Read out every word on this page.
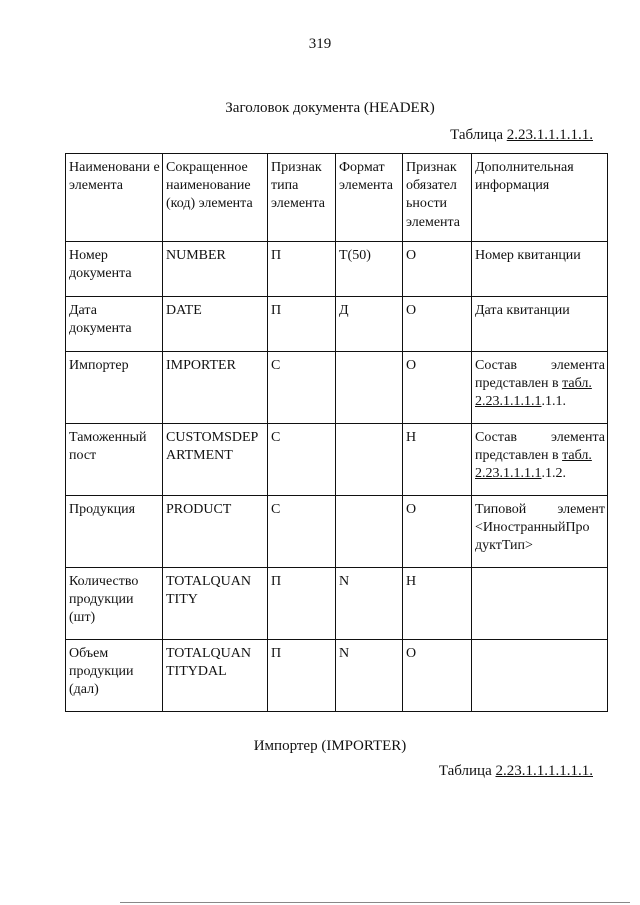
319
Заголовок документа (HEADER)
Таблица 2.23.1.1.1.1.1.
Наименовани е элемента	Сокращенное наименование (код) элемента	Признак типа элемента	Формат элемента	Признак обязател ьности элемента	Дополнительная информация
Номер документа	NUMBER	П	Т(50)	О	Номер квитанции
Дата документа	DATE	П	Д	О	Дата квитанции
Импортер	IMPORTER	С		О	Состав элемента
представлен в табл.
2.23.1.1.1.1.1.1.

Таможенный пост	CUSTOMSDEP ARTMENT	С		Н	Состав элемента
представлен в табл.
2.23.1.1.1.1.1.2.

Продукция	PRODUCT	С		О	Типовой элемент
<ИностранныйПро
дуктТип>

Количество продукции (шт)	TOTALQUAN TITY	П	N	Н	
Объем продукции (дал)	TOTALQUAN TITYDAL	П	N	О	
Импортер (IMPORTER)
Таблица 2.23.1.1.1.1.1.1.
